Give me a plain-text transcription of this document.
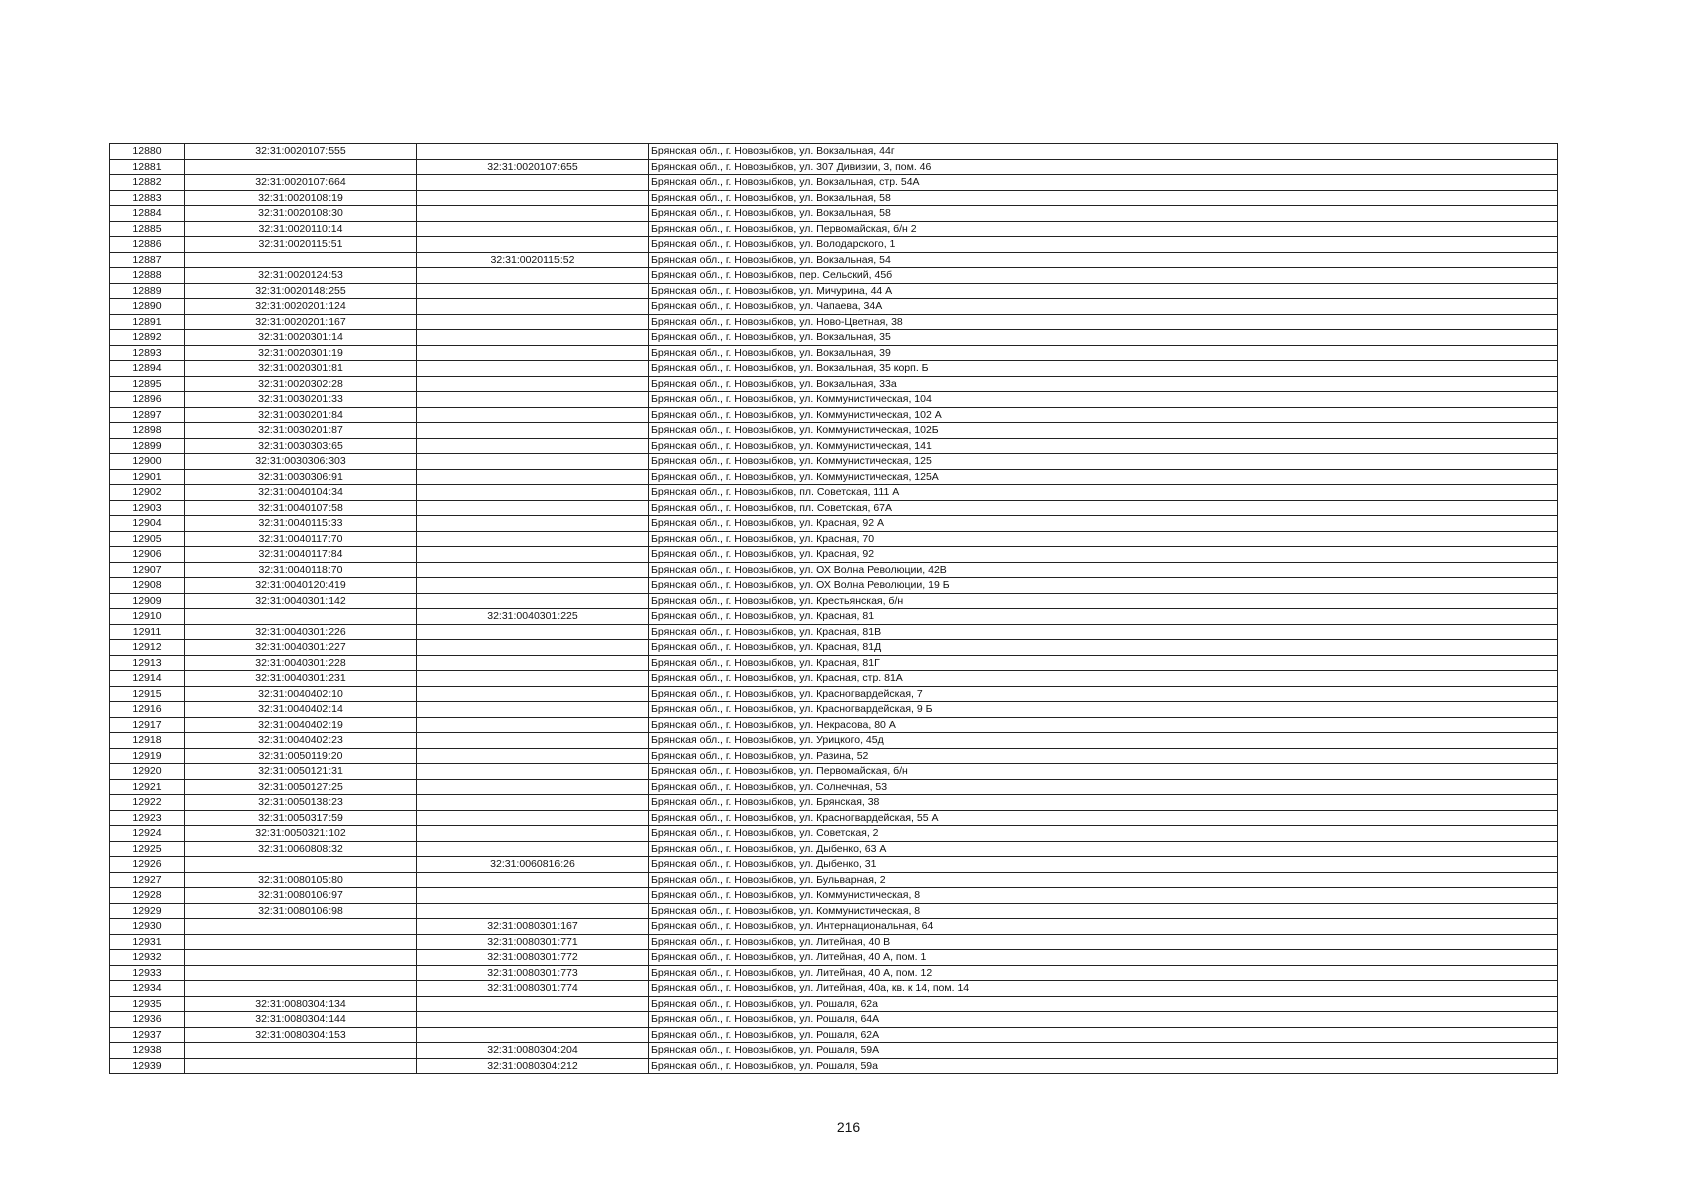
12880	32:31:0020107:555		Брянская обл., г. Новозыбков, ул. Вокзальная, 44г
12881		32:31:0020107:655	Брянская обл., г. Новозыбков, ул. 307 Дивизии, 3, пом. 46
12882	32:31:0020107:664		Брянская обл., г. Новозыбков, ул. Вокзальная, стр. 54А
12883	32:31:0020108:19		Брянская обл., г. Новозыбков, ул. Вокзальная, 58
12884	32:31:0020108:30		Брянская обл., г. Новозыбков, ул. Вокзальная, 58
12885	32:31:0020110:14		Брянская обл., г. Новозыбков, ул. Первомайская, б/н 2
12886	32:31:0020115:51		Брянская обл., г. Новозыбков, ул. Володарского, 1
12887		32:31:0020115:52	Брянская обл., г. Новозыбков, ул. Вокзальная, 54
12888	32:31:0020124:53		Брянская обл., г. Новозыбков, пер. Сельский, 45б
12889	32:31:0020148:255		Брянская обл., г. Новозыбков, ул. Мичурина, 44 А
12890	32:31:0020201:124		Брянская обл., г. Новозыбков, ул. Чапаева, 34А
12891	32:31:0020201:167		Брянская обл., г. Новозыбков, ул. Ново-Цветная, 38
12892	32:31:0020301:14		Брянская обл., г. Новозыбков, ул. Вокзальная, 35
12893	32:31:0020301:19		Брянская обл., г. Новозыбков, ул. Вокзальная, 39
12894	32:31:0020301:81		Брянская обл., г. Новозыбков, ул. Вокзальная, 35 корп. Б
12895	32:31:0020302:28		Брянская обл., г. Новозыбков, ул. Вокзальная, 33а
12896	32:31:0030201:33		Брянская обл., г. Новозыбков, ул. Коммунистическая, 104
12897	32:31:0030201:84		Брянская обл., г. Новозыбков, ул. Коммунистическая, 102 А
12898	32:31:0030201:87		Брянская обл., г. Новозыбков, ул. Коммунистическая, 102Б
12899	32:31:0030303:65		Брянская обл., г. Новозыбков, ул. Коммунистическая, 141
12900	32:31:0030306:303		Брянская обл., г. Новозыбков, ул. Коммунистическая, 125
12901	32:31:0030306:91		Брянская обл., г. Новозыбков, ул. Коммунистическая, 125А
12902	32:31:0040104:34		Брянская обл., г. Новозыбков, пл. Советская, 111 А
12903	32:31:0040107:58		Брянская обл., г. Новозыбков, пл. Советская, 67А
12904	32:31:0040115:33		Брянская обл., г. Новозыбков, ул. Красная, 92 А
12905	32:31:0040117:70		Брянская обл., г. Новозыбков, ул. Красная, 70
12906	32:31:0040117:84		Брянская обл., г. Новозыбков, ул. Красная, 92
12907	32:31:0040118:70		Брянская обл., г. Новозыбков, ул. ОХ Волна Революции, 42В
12908	32:31:0040120:419		Брянская обл., г. Новозыбков, ул. ОХ Волна Революции, 19 Б
12909	32:31:0040301:142		Брянская обл., г. Новозыбков, ул. Крестьянская, б/н
12910		32:31:0040301:225	Брянская обл., г. Новозыбков, ул. Красная, 81
12911	32:31:0040301:226		Брянская обл., г. Новозыбков, ул. Красная, 81В
12912	32:31:0040301:227		Брянская обл., г. Новозыбков, ул. Красная, 81Д
12913	32:31:0040301:228		Брянская обл., г. Новозыбков, ул. Красная, 81Г
12914	32:31:0040301:231		Брянская обл., г. Новозыбков, ул. Красная, стр. 81А
12915	32:31:0040402:10		Брянская обл., г. Новозыбков, ул. Красногвардейская, 7
12916	32:31:0040402:14		Брянская обл., г. Новозыбков, ул. Красногвардейская, 9 Б
12917	32:31:0040402:19		Брянская обл., г. Новозыбков, ул. Некрасова, 80 А
12918	32:31:0040402:23		Брянская обл., г. Новозыбков, ул. Урицкого, 45д
12919	32:31:0050119:20		Брянская обл., г. Новозыбков, ул. Разина, 52
12920	32:31:0050121:31		Брянская обл., г. Новозыбков, ул. Первомайская, б/н
12921	32:31:0050127:25		Брянская обл., г. Новозыбков, ул. Солнечная, 53
12922	32:31:0050138:23		Брянская обл., г. Новозыбков, ул. Брянская, 38
12923	32:31:0050317:59		Брянская обл., г. Новозыбков, ул. Красногвардейская, 55 А
12924	32:31:0050321:102		Брянская обл., г. Новозыбков, ул. Советская, 2
12925	32:31:0060808:32		Брянская обл., г. Новозыбков, ул. Дыбенко, 63 А
12926		32:31:0060816:26	Брянская обл., г. Новозыбков, ул. Дыбенко, 31
12927	32:31:0080105:80		Брянская обл., г. Новозыбков, ул. Бульварная, 2
12928	32:31:0080106:97		Брянская обл., г. Новозыбков, ул. Коммунистическая, 8
12929	32:31:0080106:98		Брянская обл., г. Новозыбков, ул. Коммунистическая, 8
12930		32:31:0080301:167	Брянская обл., г. Новозыбков, ул. Интернациональная, 64
12931		32:31:0080301:771	Брянская обл., г. Новозыбков, ул. Литейная, 40 В
12932		32:31:0080301:772	Брянская обл., г. Новозыбков, ул. Литейная, 40 А, пом. 1
12933		32:31:0080301:773	Брянская обл., г. Новозыбков, ул. Литейная, 40 А, пом. 12
12934		32:31:0080301:774	Брянская обл., г. Новозыбков, ул. Литейная, 40а, кв. к 14, пом. 14
12935	32:31:0080304:134		Брянская обл., г. Новозыбков, ул. Рошаля, 62а
12936	32:31:0080304:144		Брянская обл., г. Новозыбков, ул. Рошаля, 64А
12937	32:31:0080304:153		Брянская обл., г. Новозыбков, ул. Рошаля, 62А
12938		32:31:0080304:204	Брянская обл., г. Новозыбков, ул. Рошаля, 59А
12939		32:31:0080304:212	Брянская обл., г. Новозыбков, ул. Рошаля, 59а
216
